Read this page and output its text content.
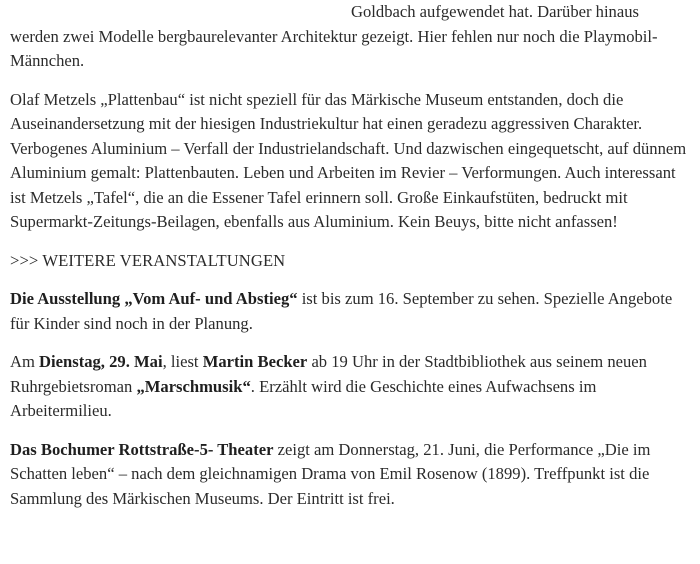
Goldbach aufgewendet hat. Darüber hinaus
werden zwei Modelle bergbaurelevanter Architektur gezeigt. Hier fehlen nur noch die Playmobil-Männchen.

Olaf Metzels „Plattenbau“ ist nicht speziell für das Märkische Museum entstanden, doch die Auseinandersetzung mit der hiesigen Industriekultur hat einen geradezu aggressiven Charakter. Verbogenes Aluminium – Verfall der Industrielandschaft. Und dazwischen eingequetscht, auf dünnem Aluminium gemalt: Plattenbauten. Leben und Arbeiten im Revier – Verformungen. Auch interessant ist Metzels „Tafel“, die an die Essener Tafel erinnern soll. Große Einkaufstüten, bedruckt mit Supermarkt-Zeitungs-Beilagen, ebenfalls aus Aluminium. Kein Beuys, bitte nicht anfassen!

>>> WEITERE VERANSTALTUNGEN

Die Ausstellung „Vom Auf- und Abstieg“ ist bis zum 16. September zu sehen. Spezielle Angebote für Kinder sind noch in der Planung.

Am Dienstag, 29. Mai, liest Martin Becker ab 19 Uhr in der Stadtbibliothek aus seinem neuen Ruhrgebietsroman „Marschmusik“. Erzählt wird die Geschichte eines Aufwachsens im Arbeitermilieu.

Das Bochumer Rottstraße-5- Theater zeigt am Donnerstag, 21. Juni, die Performance „Die im Schatten leben“ – nach dem gleichnamigen Drama von Emil Rosenow (1899). Treffpunkt ist die Sammlung des Märkischen Museums. Der Eintritt ist frei.
